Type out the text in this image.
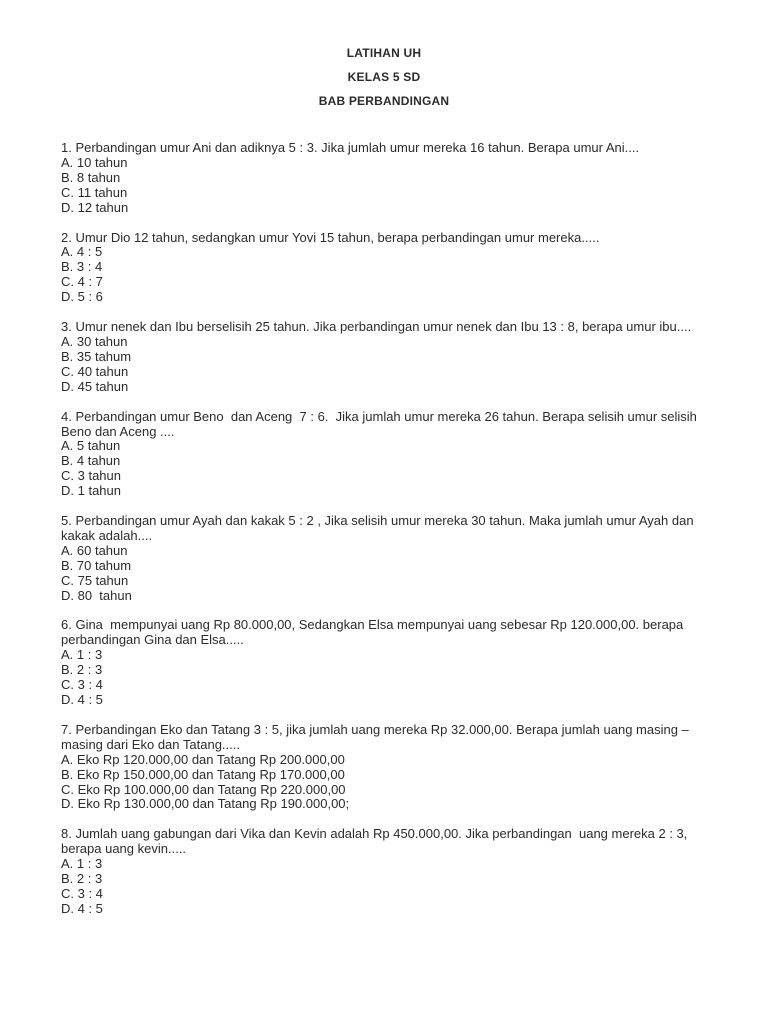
LATIHAN UH
KELAS 5 SD
BAB PERBANDINGAN
1. Perbandingan umur Ani dan adiknya 5 : 3. Jika jumlah umur mereka 16 tahun. Berapa umur Ani....
A. 10 tahun
B. 8 tahun
C. 11 tahun
D. 12 tahun
2. Umur Dio 12 tahun, sedangkan umur Yovi 15 tahun, berapa perbandingan umur mereka.....
A. 4 : 5
B. 3 : 4
C. 4 : 7
D. 5 : 6
3. Umur nenek dan Ibu berselisih 25 tahun. Jika perbandingan umur nenek dan Ibu 13 : 8, berapa umur ibu....
A. 30 tahun
B. 35 tahum
C. 40 tahun
D. 45 tahun
4. Perbandingan umur Beno  dan Aceng  7 : 6.  Jika jumlah umur mereka 26 tahun. Berapa selisih umur selisih Beno dan Aceng ....
A. 5 tahun
B. 4 tahun
C. 3 tahun
D. 1 tahun
5. Perbandingan umur Ayah dan kakak 5 : 2 , Jika selisih umur mereka 30 tahun. Maka jumlah umur Ayah dan kakak adalah....
A. 60 tahun
B. 70 tahum
C. 75 tahun
D. 80  tahun
6. Gina  mempunyai uang Rp 80.000,00, Sedangkan Elsa mempunyai uang sebesar Rp 120.000,00. berapa perbandingan Gina dan Elsa.....
A. 1 : 3
B. 2 : 3
C. 3 : 4
D. 4 : 5
7. Perbandingan Eko dan Tatang 3 : 5, jika jumlah uang mereka Rp 32.000,00. Berapa jumlah uang masing – masing dari Eko dan Tatang.....
A. Eko Rp 120.000,00 dan Tatang Rp 200.000,00
B. Eko Rp 150.000,00 dan Tatang Rp 170.000,00
C. Eko Rp 100.000,00 dan Tatang Rp 220.000,00
D. Eko Rp 130.000,00 dan Tatang Rp 190.000,00;
8. Jumlah uang gabungan dari Vika dan Kevin adalah Rp 450.000,00. Jika perbandingan  uang mereka 2 : 3, berapa uang kevin.....
A. 1 : 3
B. 2 : 3
C. 3 : 4
D. 4 : 5
